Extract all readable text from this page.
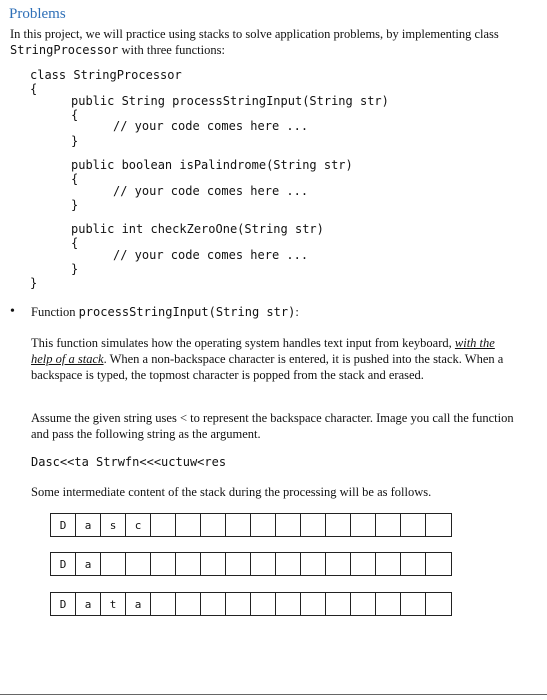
Problems
In this project, we will practice using stacks to solve application problems, by implementing class StringProcessor with three functions:
class StringProcessor
{
public String processStringInput(String str)
{
// your code comes here ...
}
public boolean isPalindrome(String str)
{
// your code comes here ...
}
public int checkZeroOne(String str)
{
// your code comes here ...
}
}
• Function processStringInput(String str):
This function simulates how the operating system handles text input from keyboard, with the help of a stack. When a non-backspace character is entered, it is pushed into the stack. When a backspace is typed, the topmost character is popped from the stack and erased.
Assume the given string uses < to represent the backspace character. Image you call the function and pass the following string as the argument.
Dasc<<ta Strwfn<<<uctuw<res
Some intermediate content of the stack during the processing will be as follows.
D	a	s	c
D	a
D	a	t	a
